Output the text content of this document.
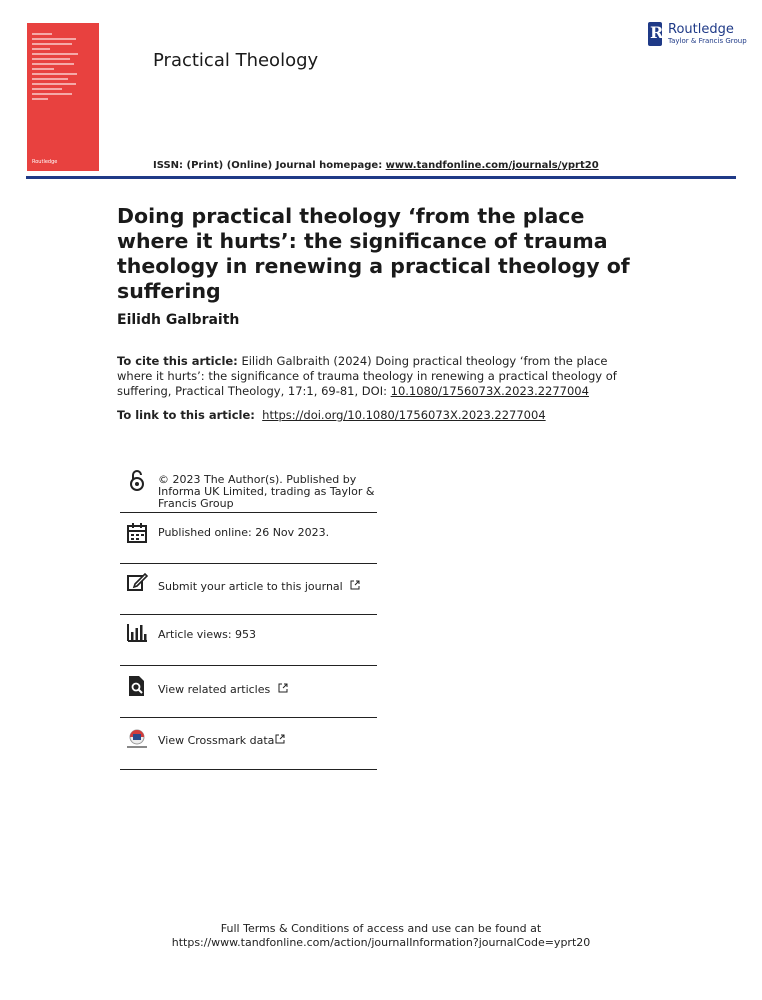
Routledge
Practical Theology
R Routledge
Taylor & Francis Group
ISSN: (Print) (Online) Journal homepage: www.tandfonline.com/journals/yprt20
Doing practical theology ‘from the place where it hurts’: the significance of trauma theology in renewing a practical theology of suffering
Eilidh Galbraith
To cite this article: Eilidh Galbraith (2024) Doing practical theology ‘from the place where it hurts’: the significance of trauma theology in renewing a practical theology of suffering, Practical Theology, 17:1, 69-81, DOI: 10.1080/1756073X.2023.2277004
To link to this article: https://doi.org/10.1080/1756073X.2023.2277004
© 2023 The Author(s). Published by Informa UK Limited, trading as Taylor & Francis Group
Published online: 26 Nov 2023.
Submit your article to this journal
Article views: 953
View related articles
View Crossmark data
Full Terms & Conditions of access and use can be found at
https://www.tandfonline.com/action/journalInformation?journalCode=yprt20
